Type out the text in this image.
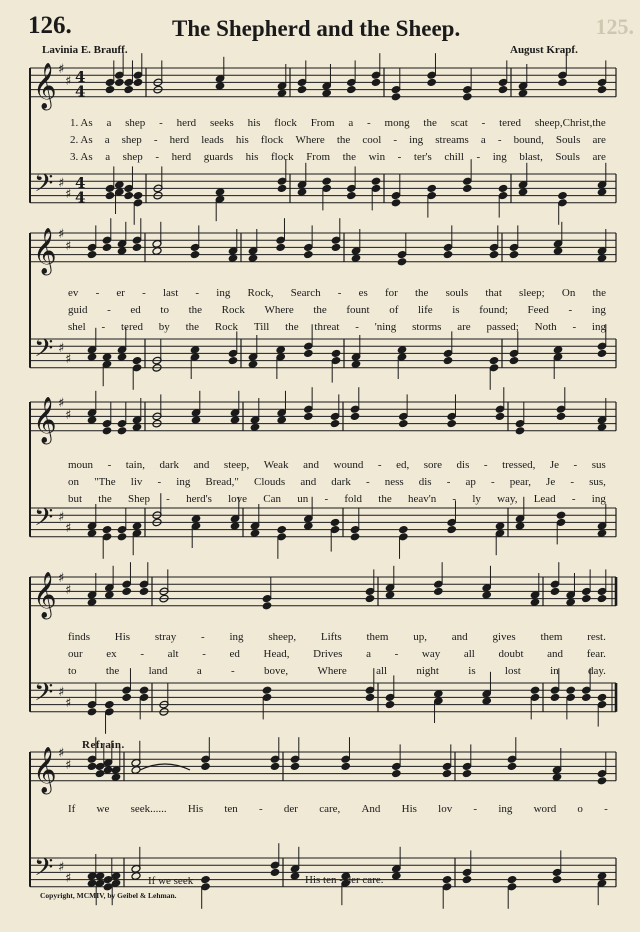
126.	The Shepherd and the Sheep.	125.
Lavinia E. Brauff.	August Krapf.
𝄞
𝄢
♯
♯
♯
♯
4
4
4
4
𝄞
𝄢
♯
♯
♯
♯
𝄞
𝄢
♯
♯
♯
♯
𝄞
𝄢
♯
♯
♯
♯
𝄞
𝄢
♯
♯
♯
♯
1. As a shep - herd seeks his flock From a - mong the scat - tered sheep,Christ,the
2. As a shep - herd leads his flock Where the cool - ing streams a - bound, Souls are
3. As a shep - herd guards his flock From the win - ter's chill - ing blast, Souls are
ev - er - last - ing Rock, Search - es for the souls that sleep; On the
guid - ed to the Rock Where the fount of life is found; Feed - ing
shel - tered by the Rock Till the threat - 'ning storms are passed; Noth - ing
moun - tain, dark and steep, Weak and wound - ed, sore dis - tressed, Je - sus
on "The liv - ing Bread," Clouds and dark - ness dis - ap - pear, Je - sus,
but the Shep - herd's love Can un - fold the heav'n - ly way, Lead - ing
finds His stray - ing sheep, Lifts them up, and gives them rest.
our ex - alt - ed Head, Drives a - way all doubt and fear.
to	the	land	a	-	bove,	Where	all	night	is	lost	in	day.
If we seek...... His ten - der care, And His lov - ing word o -
If we seek	His ten - der care.
Refrain.
Copyright, MCMIV, by Geibel & Lehman.
